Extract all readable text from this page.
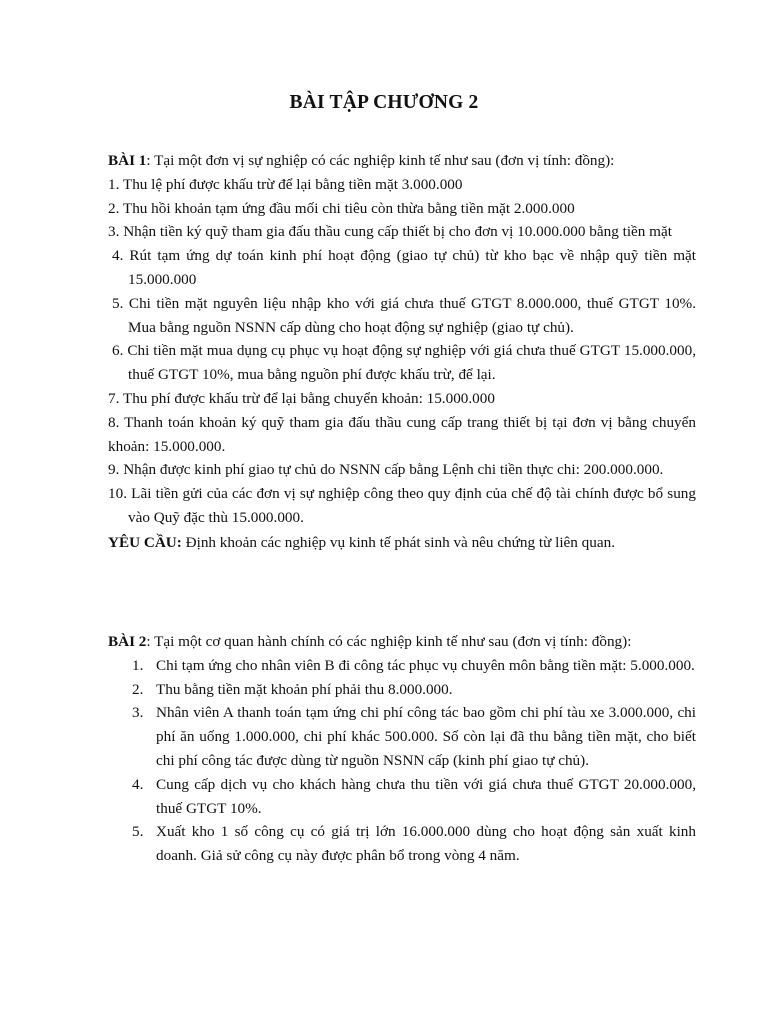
BÀI TẬP CHƯƠNG 2

BÀI 1: Tại một đơn vị sự nghiệp có các nghiệp kinh tế như sau (đơn vị tính: đồng):

1. Thu lệ phí được khấu trừ để lại bằng tiền mặt 3.000.000

2. Thu hồi khoản tạm ứng đầu mối chi tiêu còn thừa bằng tiền mặt 2.000.000

3. Nhận tiền ký quỹ tham gia đấu thầu cung cấp thiết bị cho đơn vị 10.000.000 bằng tiền mặt

4. Rút tạm ứng dự toán kinh phí hoạt động (giao tự chủ) từ kho bạc về nhập quỹ tiền mặt 15.000.000

5. Chi tiền mặt nguyên liệu nhập kho với giá chưa thuế GTGT 8.000.000, thuế GTGT 10%. Mua bằng nguồn NSNN cấp dùng cho hoạt động sự nghiệp (giao tự chủ).

6. Chi tiền mặt mua dụng cụ phục vụ hoạt động sự nghiệp với giá chưa thuế GTGT 15.000.000, thuế GTGT 10%, mua bằng nguồn phí được khấu trừ, để lại.

7. Thu phí được khấu trừ để lại bằng chuyển khoản: 15.000.000

8. Thanh toán khoản ký quỹ tham gia đấu thầu cung cấp trang thiết bị tại đơn vị bằng chuyển khoản: 15.000.000.

9. Nhận được kinh phí giao tự chủ do NSNN cấp bằng Lệnh chi tiền thực chi: 200.000.000.

10. Lãi tiền gửi của các đơn vị sự nghiệp công theo quy định của chế độ tài chính được bổ sung vào Quỹ đặc thù 15.000.000.

YÊU CẦU: Định khoản các nghiệp vụ kinh tế phát sinh và nêu chứng từ liên quan.

BÀI 2: Tại một cơ quan hành chính có các nghiệp kinh tế như sau (đơn vị tính: đồng):

1. Chi tạm ứng cho nhân viên B đi công tác phục vụ chuyên môn bằng tiền mặt: 5.000.000.
2. Thu bằng tiền mặt khoản phí phải thu 8.000.000.
3. Nhân viên A thanh toán tạm ứng chi phí công tác bao gồm chi phí tàu xe 3.000.000, chi phí ăn uống 1.000.000, chi phí khác 500.000. Số còn lại đã thu bằng tiền mặt, cho biết chi phí công tác được dùng từ nguồn NSNN cấp (kinh phí giao tự chủ).
4. Cung cấp dịch vụ cho khách hàng chưa thu tiền với giá chưa thuế GTGT 20.000.000, thuế GTGT 10%.
5. Xuất kho 1 số công cụ có giá trị lớn 16.000.000 dùng cho hoạt động sản xuất kinh doanh. Giả sử công cụ này được phân bổ trong vòng 4 năm.
